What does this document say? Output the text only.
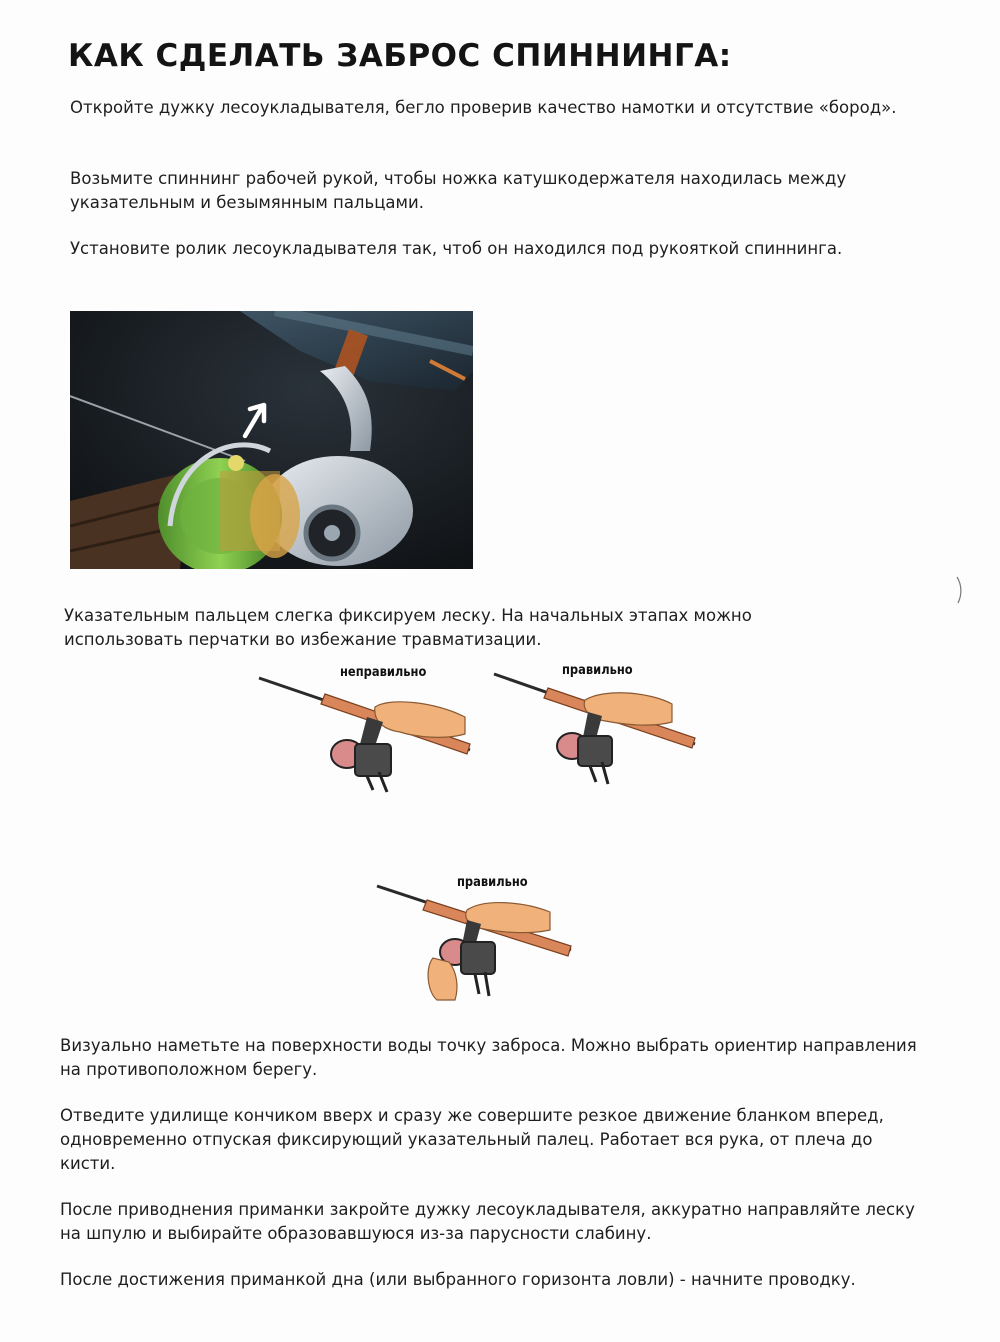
КАК СДЕЛАТЬ ЗАБРОС СПИННИНГА:

Откройте дужку лесоукладывателя, бегло проверив качество намотки и отсутствие «бород».

Возьмите спиннинг рабочей рукой, чтобы ножка катушкодержателя находилась между указательным и безымянным пальцами.

Установите ролик лесоукладывателя так, чтоб он находился под рукояткой спиннинга.

Указательным пальцем слегка фиксируем леску. На начальных этапах можно использовать перчатки во избежание травматизации.

неправильно	правильно
правильно

Визуально наметьте на поверхности воды точку заброса. Можно выбрать ориентир направления на противоположном берегу.

Отведите удилище кончиком вверх и сразу же совершите резкое движение бланком вперед, одновременно отпуская фиксирующий указательный палец. Работает вся рука, от плеча до кисти.

После приводнения приманки закройте дужку лесоукладывателя, аккуратно направляйте леску на шпулю и выбирайте образовавшуюся из-за парусности слабину.

После достижения приманкой дна (или выбранного горизонта ловли) - начните проводку.
